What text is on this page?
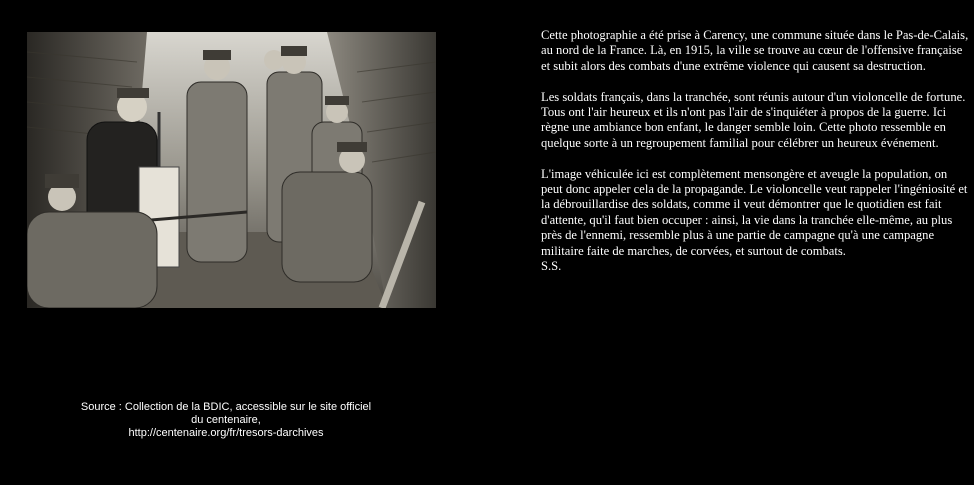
Source : Collection de la BDIC, accessible sur le site officiel
du centenaire,
http://centenaire.org/fr/tresors-darchives

Cette photographie a été prise à Carency, une commune située dans le Pas-de-Calais, au nord de la France. Là, en 1915, la ville se trouve au cœur de l'offensive française et subit alors des combats d'une extrême violence qui causent sa destruction.

Les soldats français, dans la tranchée, sont réunis autour d'un violoncelle de fortune. Tous ont l'air heureux et ils n'ont pas l'air de s'inquiéter à propos de la guerre. Ici règne une ambiance bon enfant, le danger semble loin. Cette photo ressemble en quelque sorte à un regroupement familial pour célébrer un heureux événement.

L'image véhiculée ici est complètement mensongère et aveugle la population, on peut donc appeler cela de la propagande. Le violoncelle veut rappeler l'ingéniosité et la débrouillardise des soldats, comme il veut démontrer que le quotidien est fait d'attente, qu'il faut bien occuper : ainsi, la vie dans la tranchée elle-même, au plus près de l'ennemi, ressemble plus à une partie de campagne qu'à une campagne militaire faite de marches, de corvées, et surtout de combats.

S.S.
